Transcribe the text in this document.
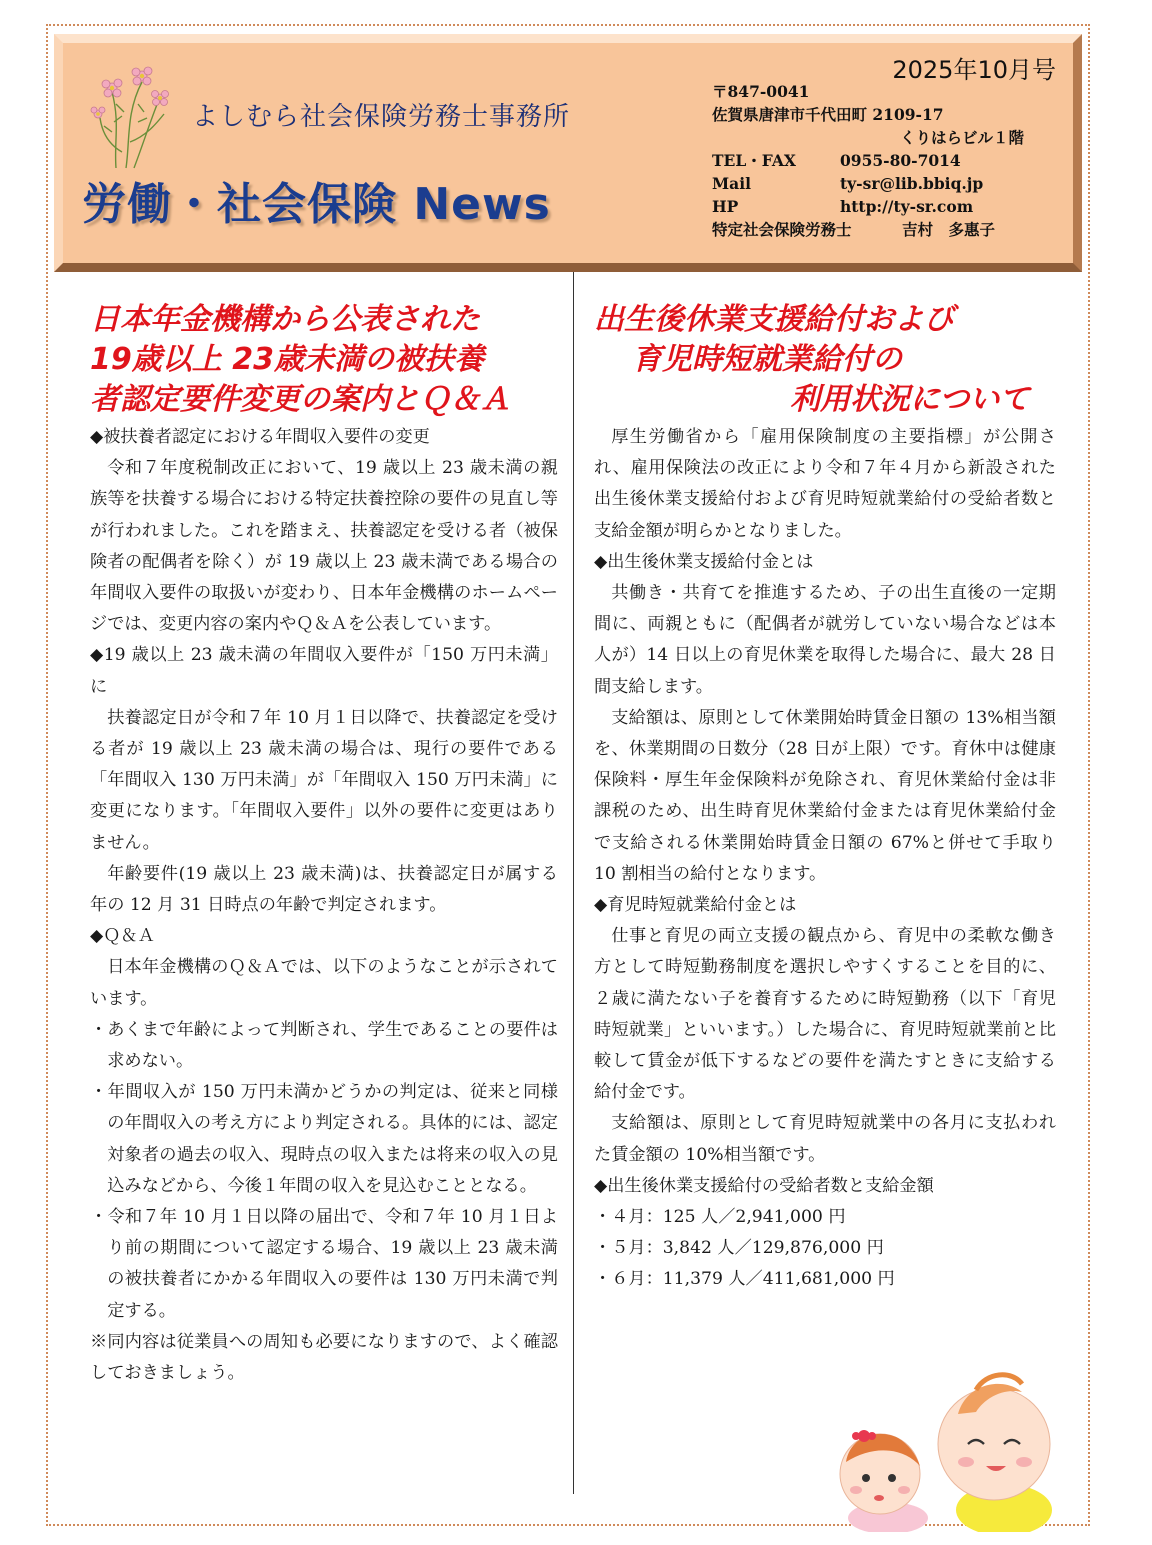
よしむら社会保険労務士事務所
労働・社会保険 News
2025年10月号
〒847-0041
佐賀県唐津市千代田町 2109-17
くりはらビル１階
TEL・FAX	0955-80-7014
Mail	ty-sr@lib.bbiq.jp
HP	http://ty-sr.com
特定社会保険労務士	吉村　多惠子
日本年金機構から公表された
19歳以上 23歳未満の被扶養
者認定要件変更の案内とＱ＆Ａ
◆被扶養者認定における年間収入要件の変更
令和７年度税制改正において、19 歳以上 23 歳未満の親族等を扶養する場合における特定扶養控除の要件の見直し等が行われました。これを踏まえ、扶養認定を受ける者（被保険者の配偶者を除く）が 19 歳以上 23 歳未満である場合の年間収入要件の取扱いが変わり、日本年金機構のホームページでは、変更内容の案内やＱ＆Ａを公表しています。
◆19 歳以上 23 歳未満の年間収入要件が「150 万円未満」に
扶養認定日が令和７年 10 月１日以降で、扶養認定を受ける者が 19 歳以上 23 歳未満の場合は、現行の要件である「年間収入 130 万円未満」が「年間収入 150 万円未満」に変更になります。「年間収入要件」以外の要件に変更はありません。
年齢要件(19 歳以上 23 歳未満)は、扶養認定日が属する年の 12 月 31 日時点の年齢で判定されます。
◆Ｑ＆Ａ
日本年金機構のＱ＆Ａでは、以下のようなことが示されています。
・あくまで年齢によって判断され、学生であることの要件は求めない。
・年間収入が 150 万円未満かどうかの判定は、従来と同様の年間収入の考え方により判定される。具体的には、認定対象者の過去の収入、現時点の収入または将来の収入の見込みなどから、今後１年間の収入を見込むこととなる。
・令和７年 10 月１日以降の届出で、令和７年 10 月１日より前の期間について認定する場合、19 歳以上 23 歳未満の被扶養者にかかる年間収入の要件は 130 万円未満で判定する。
※同内容は従業員への周知も必要になりますので、よく確認しておきましょう。
出生後休業支援給付および
育児時短就業給付の
利用状況について
厚生労働省から「雇用保険制度の主要指標」が公開され、雇用保険法の改正により令和７年４月から新設された出生後休業支援給付および育児時短就業給付の受給者数と支給金額が明らかとなりました。
◆出生後休業支援給付金とは
共働き・共育てを推進するため、子の出生直後の一定期間に、両親ともに（配偶者が就労していない場合などは本人が）14 日以上の育児休業を取得した場合に、最大 28 日間支給します。
支給額は、原則として休業開始時賃金日額の 13%相当額を、休業期間の日数分（28 日が上限）です。育休中は健康保険料・厚生年金保険料が免除され、育児休業給付金は非課税のため、出生時育児休業給付金または育児休業給付金で支給される休業開始時賃金日額の 67%と併せて手取り 10 割相当の給付となります。
◆育児時短就業給付金とは
仕事と育児の両立支援の観点から、育児中の柔軟な働き方として時短勤務制度を選択しやすくすることを目的に、２歳に満たない子を養育するために時短勤務（以下「育児時短就業」といいます。）した場合に、育児時短就業前と比較して賃金が低下するなどの要件を満たすときに支給する給付金です。
支給額は、原則として育児時短就業中の各月に支払われた賃金額の 10%相当額です。
◆出生後休業支援給付の受給者数と支給金額
・４月：125 人／2,941,000 円
・５月：3,842 人／129,876,000 円
・６月：11,379 人／411,681,000 円
